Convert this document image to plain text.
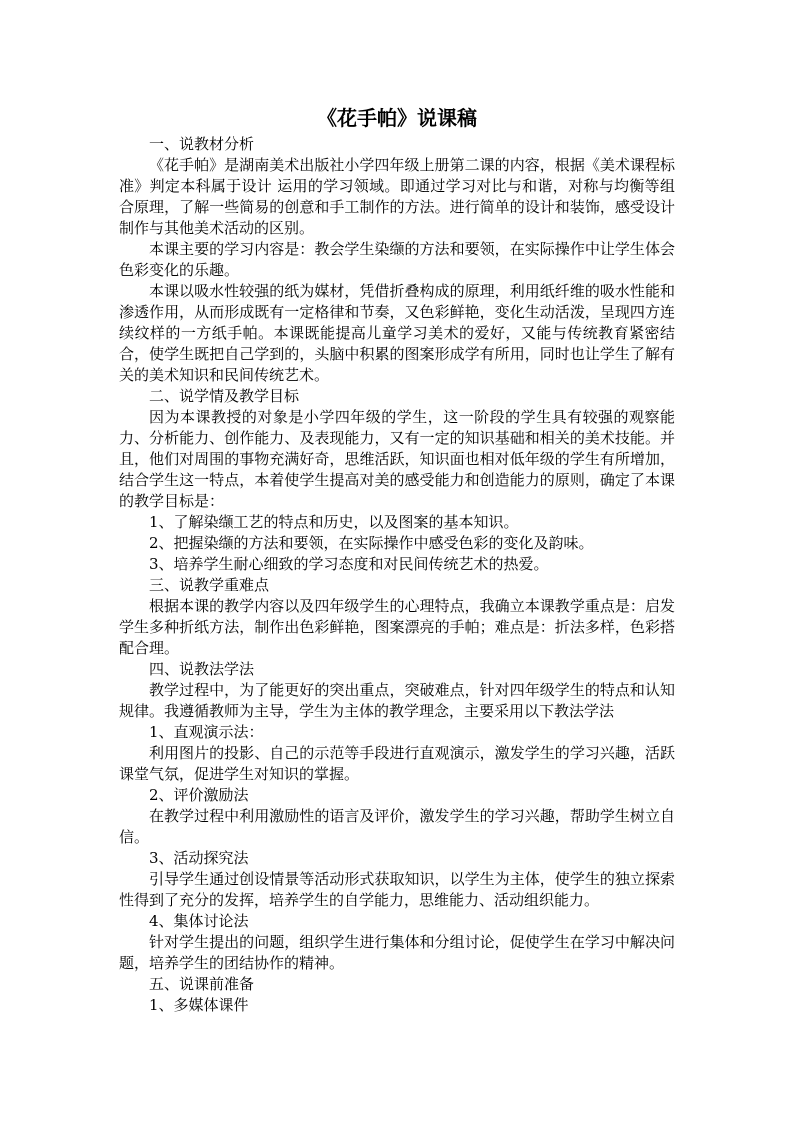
《花手帕》说课稿

一、说教材分析

《花手帕》是湖南美术出版社小学四年级上册第二课的内容，根据《美术课程标准》判定本科属于设计 运用的学习领域。即通过学习对比与和谐，对称与均衡等组合原理，了解一些简易的创意和手工制作的方法。进行简单的设计和装饰，感受设计制作与其他美术活动的区别。

本课主要的学习内容是：教会学生染缬的方法和要领，在实际操作中让学生体会色彩变化的乐趣。

本课以吸水性较强的纸为媒材，凭借折叠构成的原理，利用纸纤维的吸水性能和渗透作用，从而形成既有一定格律和节奏，又色彩鲜艳，变化生动活泼，呈现四方连续纹样的一方纸手帕。本课既能提高儿童学习美术的爱好，又能与传统教育紧密结合，使学生既把自己学到的，头脑中积累的图案形成学有所用，同时也让学生了解有关的美术知识和民间传统艺术。

二、说学情及教学目标

因为本课教授的对象是小学四年级的学生，这一阶段的学生具有较强的观察能力、分析能力、创作能力、及表现能力，又有一定的知识基础和相关的美术技能。并且，他们对周围的事物充满好奇，思维活跃，知识面也相对低年级的学生有所增加，结合学生这一特点，本着使学生提高对美的感受能力和创造能力的原则，确定了本课的教学目标是：

1、了解染缬工艺的特点和历史，以及图案的基本知识。

2、把握染缬的方法和要领，在实际操作中感受色彩的变化及韵味。

3、培养学生耐心细致的学习态度和对民间传统艺术的热爱。

三、说教学重难点

根据本课的教学内容以及四年级学生的心理特点，我确立本课教学重点是：启发学生多种折纸方法，制作出色彩鲜艳，图案漂亮的手帕；难点是：折法多样，色彩搭配合理。

四、说教法学法

教学过程中，为了能更好的突出重点，突破难点，针对四年级学生的特点和认知规律。我遵循教师为主导，学生为主体的教学理念，主要采用以下教法学法

1、直观演示法：

利用图片的投影、自己的示范等手段进行直观演示，激发学生的学习兴趣，活跃课堂气氛，促进学生对知识的掌握。

2、评价激励法

在教学过程中利用激励性的语言及评价，激发学生的学习兴趣，帮助学生树立自信。

3、活动探究法

引导学生通过创设情景等活动形式获取知识，以学生为主体，使学生的独立探索性得到了充分的发挥，培养学生的自学能力，思维能力、活动组织能力。

4、集体讨论法

针对学生提出的问题，组织学生进行集体和分组讨论，促使学生在学习中解决问题，培养学生的团结协作的精神。

五、说课前准备

1、多媒体课件
